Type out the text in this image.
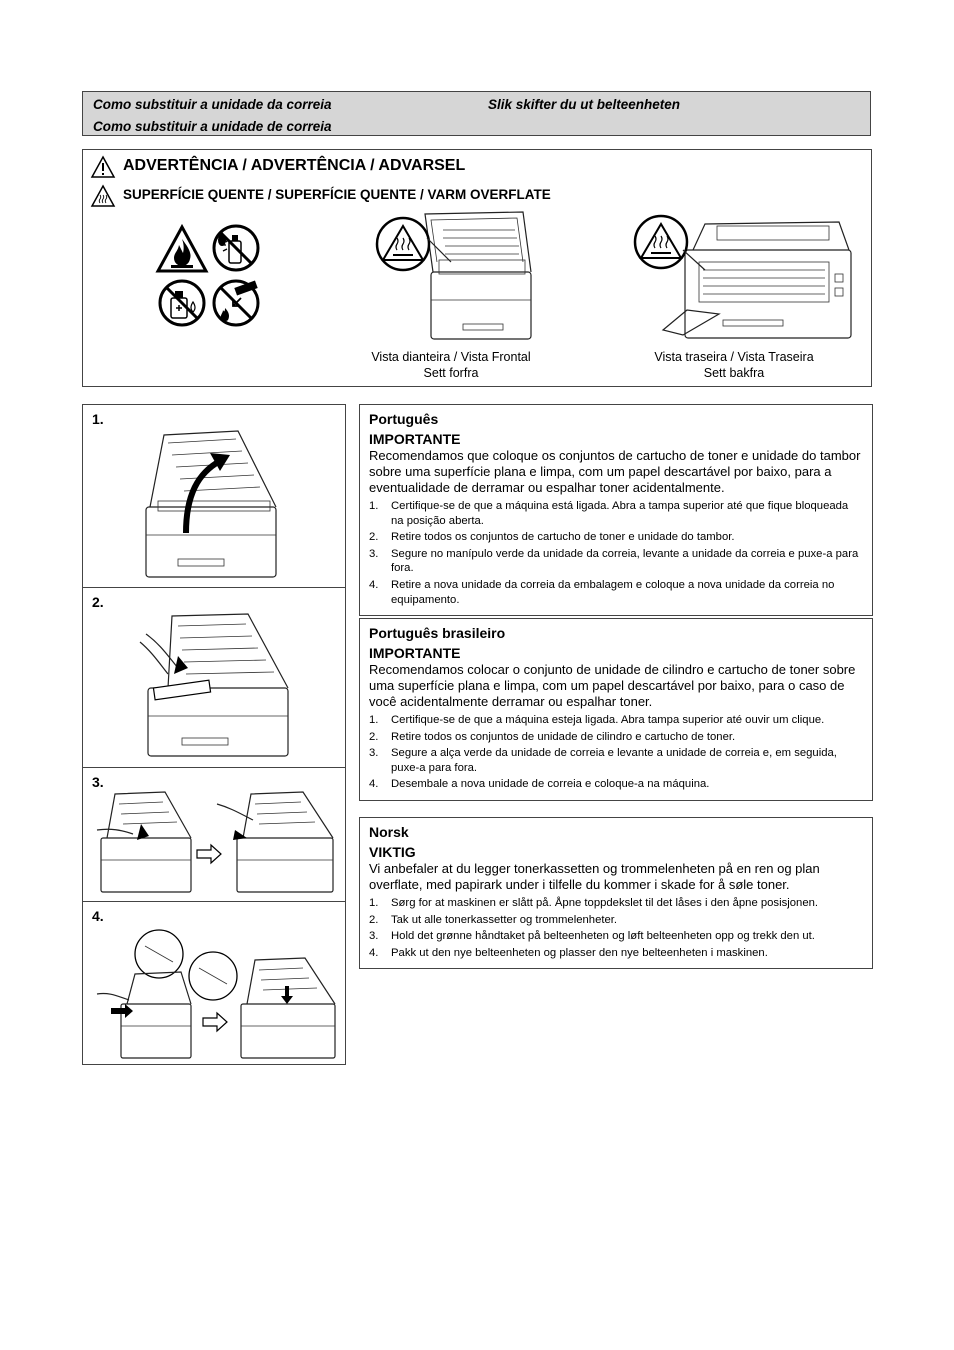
Como substituir a unidade da correia
Como substituir a unidade de correia
Slik skifter du ut belteenheten
ADVERTÊNCIA / ADVERTÊNCIA / ADVARSEL
SUPERFÍCIE QUENTE / SUPERFÍCIE QUENTE / VARM OVERFLATE
Vista dianteira / Vista Frontal
Sett forfra
Vista traseira / Vista Traseira
Sett bakfra
1.
2.
3.
4.
Português
IMPORTANTE
Recomendamos que coloque os conjuntos de cartucho de toner e unidade do tambor sobre uma superfície plana e limpa, com um papel descartável por baixo, para a eventualidade de derramar ou espalhar toner acidentalmente.
1. Certifique-se de que a máquina está ligada. Abra a tampa superior até que fique bloqueada na posição aberta.
2. Retire todos os conjuntos de cartucho de toner e unidade do tambor.
3. Segure no manípulo verde da unidade da correia, levante a unidade da correia e puxe-a para fora.
4. Retire a nova unidade da correia da embalagem e coloque a nova unidade da correia no equipamento.
Português brasileiro
IMPORTANTE
Recomendamos colocar o conjunto de unidade de cilindro e cartucho de toner sobre uma superfície plana e limpa, com um papel descartável por baixo, para o caso de você acidentalmente derramar ou espalhar toner.
1. Certifique-se de que a máquina esteja ligada. Abra tampa superior até ouvir um clique.
2. Retire todos os conjuntos de unidade de cilindro e cartucho de toner.
3. Segure a alça verde da unidade de correia e levante a unidade de correia e, em seguida, puxe-a para fora.
4. Desembale a nova unidade de correia e coloque-a na máquina.
Norsk
VIKTIG
Vi anbefaler at du legger tonerkassetten og trommelenheten på en ren og plan overflate, med papirark under i tilfelle du kommer i skade for å søle toner.
1. Sørg for at maskinen er slått på. Åpne toppdekslet til det låses i den åpne posisjonen.
2. Tak ut alle tonerkassetter og trommelenheter.
3. Hold det grønne håndtaket på belteenheten og løft belteenheten opp og trekk den ut.
4. Pakk ut den nye belteenheten og plasser den nye belteenheten i maskinen.
